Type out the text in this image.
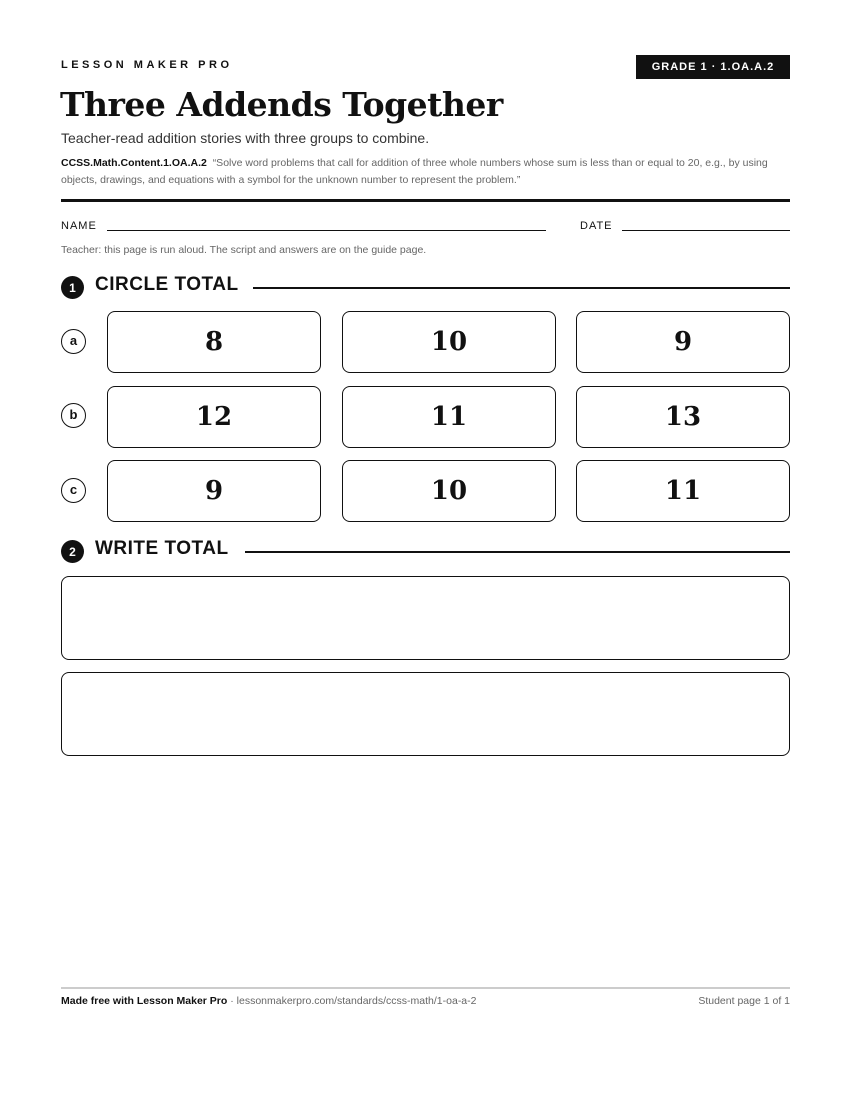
LESSON MAKER PRO	GRADE 1 · 1.OA.A.2
Three Addends Together
Teacher-read addition stories with three groups to combine.
CCSS.Math.Content.1.OA.A.2 “Solve word problems that call for addition of three whole numbers whose sum is less than or equal to 20, e.g., by using objects, drawings, and equations with a symbol for the unknown number to represent the problem.”
NAME	DATE
Teacher: this page is run aloud. The script and answers are on the guide page.
1	CIRCLE TOTAL
a	8	10	9
b	12	11	13
c	9	10	11
2	WRITE TOTAL
Made free with Lesson Maker Pro · lessonmakerpro.com/standards/ccss-math/1-oa-a-2	Student page 1 of 1
